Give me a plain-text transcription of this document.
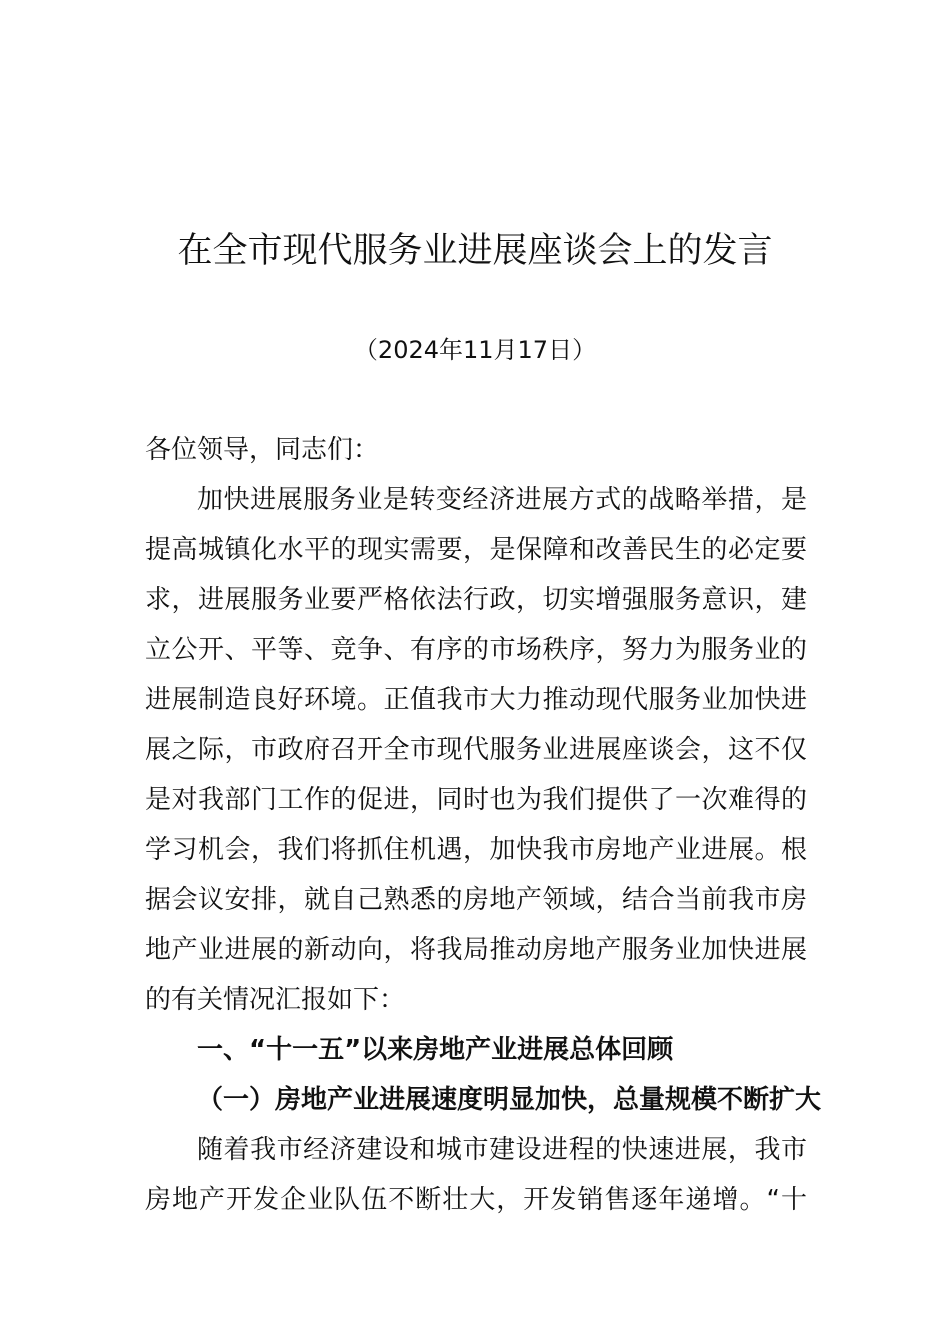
在全市现代服务业进展座谈会上的发言
（2024年11月17日）
各位领导，同志们：
加快进展服务业是转变经济进展方式的战略举措，是
提高城镇化水平的现实需要，是保障和改善民生的必定要
求，进展服务业要严格依法行政，切实增强服务意识，建
立公开、平等、竞争、有序的市场秩序，努力为服务业的
进展制造良好环境。正值我市大力推动现代服务业加快进
展之际，市政府召开全市现代服务业进展座谈会，这不仅
是对我部门工作的促进，同时也为我们提供了一次难得的
学习机会，我们将抓住机遇，加快我市房地产业进展。根
据会议安排，就自己熟悉的房地产领域，结合当前我市房
地产业进展的新动向，将我局推动房地产服务业加快进展
的有关情况汇报如下：
一、“十一五”以来房地产业进展总体回顾
（一）房地产业进展速度明显加快，总量规模不断扩大
随着我市经济建设和城市建设进程的快速进展，我市
房地产开发企业队伍不断壮大，开发销售逐年递增。“十
